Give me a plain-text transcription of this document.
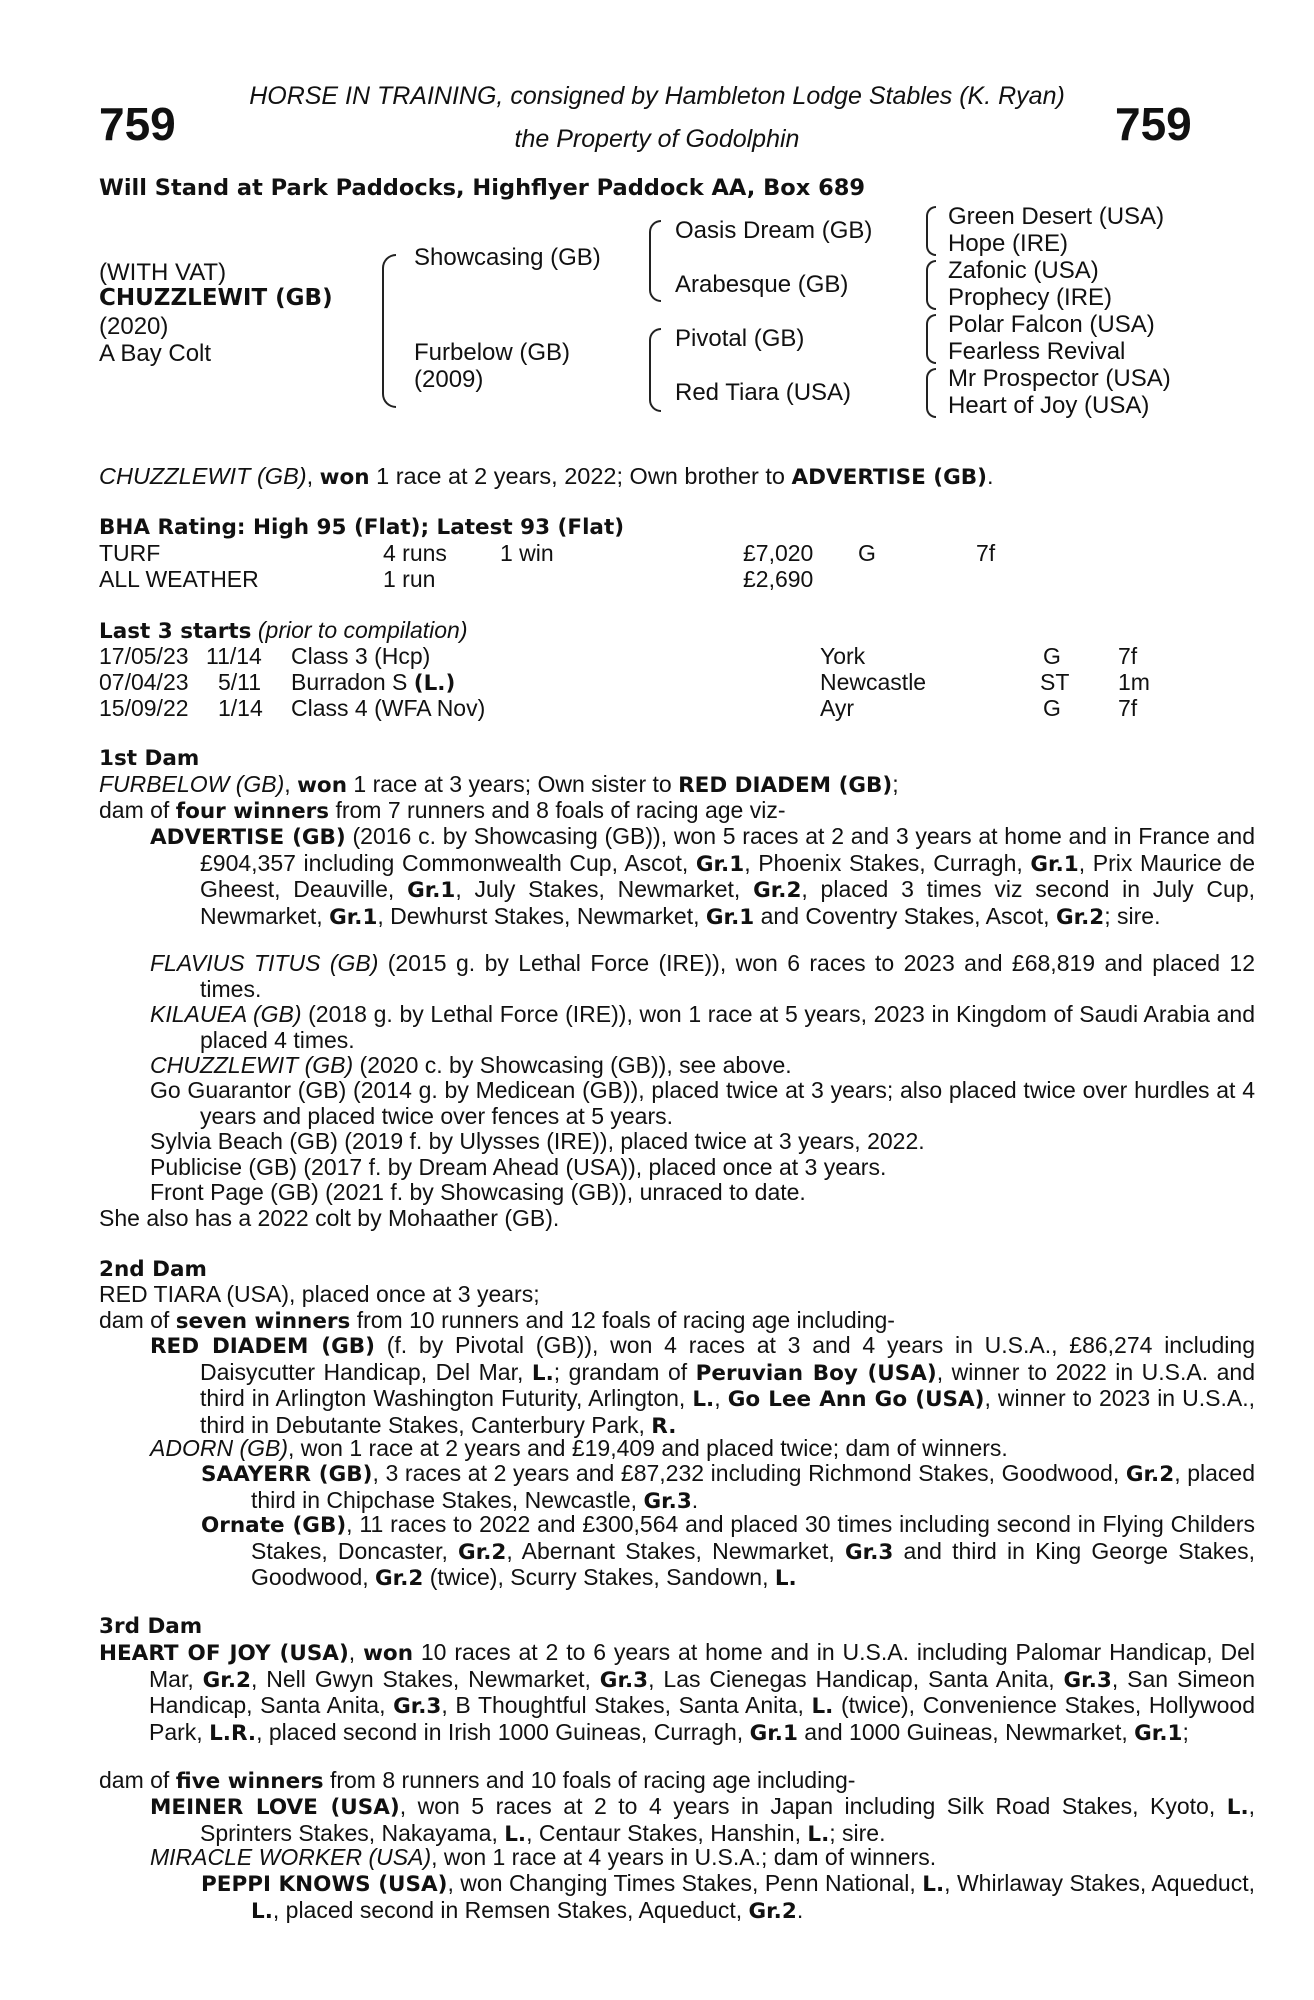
HORSE IN TRAINING, consigned by Hambleton Lodge Stables (K. Ryan)
the Property of Godolphin
759	759
Will Stand at Park Paddocks, Highflyer Paddock AA, Box 689
(WITH VAT)
CHUZZLEWIT (GB)
(2020)
A Bay Colt
Showcasing (GB)
Furbelow (GB)
(2009)
Oasis Dream (GB)
Arabesque (GB)
Pivotal (GB)
Red Tiara (USA)
Green Desert (USA)
Hope (IRE)
Zafonic (USA)
Prophecy (IRE)
Polar Falcon (USA)
Fearless Revival
Mr Prospector (USA)
Heart of Joy (USA)
CHUZZLEWIT (GB), won 1 race at 2 years, 2022; Own brother to ADVERTISE (GB).
BHA Rating: High 95 (Flat); Latest 93 (Flat)
TURF	4 runs 1 win	£7,020 G	7f
ALL WEATHER	1 run	£2,690
Last 3 starts (prior to compilation)
17/05/23 11/14 Class 3 (Hcp)	York	G 7f
07/04/23 5/11 Burradon S (L.)	Newcastle	ST 1m
15/09/22 1/14 Class 4 (WFA Nov)	Ayr	G 7f
1st Dam
FURBELOW (GB), won 1 race at 3 years; Own sister to RED DIADEM (GB);
dam of four winners from 7 runners and 8 foals of racing age viz-
ADVERTISE (GB) (2016 c. by Showcasing (GB)), won 5 races at 2 and 3 years at home and in France and £904,357 including Commonwealth Cup, Ascot, Gr.1, Phoenix Stakes, Curragh, Gr.1, Prix Maurice de Gheest, Deauville, Gr.1, July Stakes, Newmarket, Gr.2, placed 3 times viz second in July Cup, Newmarket, Gr.1, Dewhurst Stakes, Newmarket, Gr.1 and Coventry Stakes, Ascot, Gr.2; sire.
FLAVIUS TITUS (GB) (2015 g. by Lethal Force (IRE)), won 6 races to 2023 and £68,819 and placed 12 times.
KILAUEA (GB) (2018 g. by Lethal Force (IRE)), won 1 race at 5 years, 2023 in Kingdom of Saudi Arabia and placed 4 times.
CHUZZLEWIT (GB) (2020 c. by Showcasing (GB)), see above.
Go Guarantor (GB) (2014 g. by Medicean (GB)), placed twice at 3 years; also placed twice over hurdles at 4 years and placed twice over fences at 5 years.
Sylvia Beach (GB) (2019 f. by Ulysses (IRE)), placed twice at 3 years, 2022.
Publicise (GB) (2017 f. by Dream Ahead (USA)), placed once at 3 years.
Front Page (GB) (2021 f. by Showcasing (GB)), unraced to date.
She also has a 2022 colt by Mohaather (GB).
2nd Dam
RED TIARA (USA), placed once at 3 years;
dam of seven winners from 10 runners and 12 foals of racing age including-
RED DIADEM (GB) (f. by Pivotal (GB)), won 4 races at 3 and 4 years in U.S.A., £86,274 including Daisycutter Handicap, Del Mar, L.; grandam of Peruvian Boy (USA), winner to 2022 in U.S.A. and third in Arlington Washington Futurity, Arlington, L., Go Lee Ann Go (USA), winner to 2023 in U.S.A., third in Debutante Stakes, Canterbury Park, R.
ADORN (GB), won 1 race at 2 years and £19,409 and placed twice; dam of winners.
SAAYERR (GB), 3 races at 2 years and £87,232 including Richmond Stakes, Goodwood, Gr.2, placed third in Chipchase Stakes, Newcastle, Gr.3.
Ornate (GB), 11 races to 2022 and £300,564 and placed 30 times including second in Flying Childers Stakes, Doncaster, Gr.2, Abernant Stakes, Newmarket, Gr.3 and third in King George Stakes, Goodwood, Gr.2 (twice), Scurry Stakes, Sandown, L.
3rd Dam
HEART OF JOY (USA), won 10 races at 2 to 6 years at home and in U.S.A. including Palomar Handicap, Del Mar, Gr.2, Nell Gwyn Stakes, Newmarket, Gr.3, Las Cienegas Handicap, Santa Anita, Gr.3, San Simeon Handicap, Santa Anita, Gr.3, B Thoughtful Stakes, Santa Anita, L. (twice), Convenience Stakes, Hollywood Park, L.R., placed second in Irish 1000 Guineas, Curragh, Gr.1 and 1000 Guineas, Newmarket, Gr.1;
dam of five winners from 8 runners and 10 foals of racing age including-
MEINER LOVE (USA), won 5 races at 2 to 4 years in Japan including Silk Road Stakes, Kyoto, L., Sprinters Stakes, Nakayama, L., Centaur Stakes, Hanshin, L.; sire.
MIRACLE WORKER (USA), won 1 race at 4 years in U.S.A.; dam of winners.
PEPPI KNOWS (USA), won Changing Times Stakes, Penn National, L., Whirlaway Stakes, Aqueduct, L., placed second in Remsen Stakes, Aqueduct, Gr.2.
